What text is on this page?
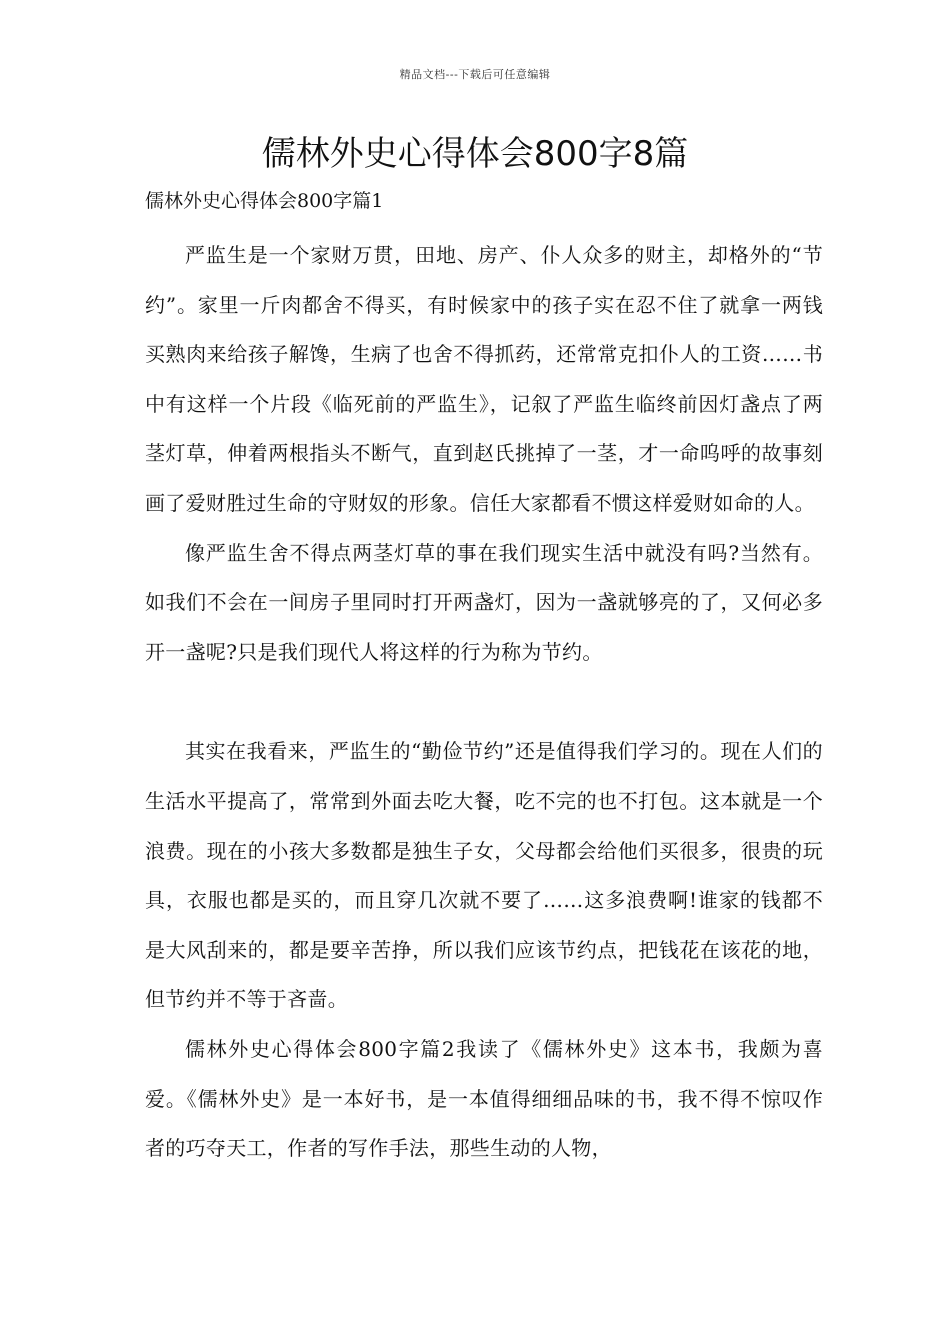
精品文档---下载后可任意编辑
儒林外史心得体会800字8篇

儒林外史心得体会800字篇1

严监生是一个家财万贯，田地、房产、仆人众多的财主，却格外的“节约”。家里一斤肉都舍不得买，有时候家中的孩子实在忍不住了就拿一两钱买熟肉来给孩子解馋，生病了也舍不得抓药，还常常克扣仆人的工资……书中有这样一个片段《临死前的严监生》，记叙了严监生临终前因灯盏点了两茎灯草，伸着两根指头不断气，直到赵氏挑掉了一茎，才一命呜呼的故事刻画了爱财胜过生命的守财奴的形象。信任大家都看不惯这样爱财如命的人。

像严监生舍不得点两茎灯草的事在我们现实生活中就没有吗?当然有。如我们不会在一间房子里同时打开两盏灯，因为一盏就够亮的了，又何必多开一盏呢?只是我们现代人将这样的行为称为节约。

其实在我看来，严监生的“勤俭节约”还是值得我们学习的。现在人们的生活水平提高了，常常到外面去吃大餐，吃不完的也不打包。这本就是一个浪费。现在的小孩大多数都是独生子女，父母都会给他们买很多，很贵的玩具，衣服也都是买的，而且穿几次就不要了……这多浪费啊!谁家的钱都不是大风刮来的，都是要辛苦挣，所以我们应该节约点，把钱花在该花的地，但节约并不等于吝啬。

儒林外史心得体会800字篇2我读了《儒林外史》这本书，我颇为喜爱。《儒林外史》是一本好书，是一本值得细细品味的书，我不得不惊叹作者的巧夺天工，作者的写作手法，那些生动的人物，
